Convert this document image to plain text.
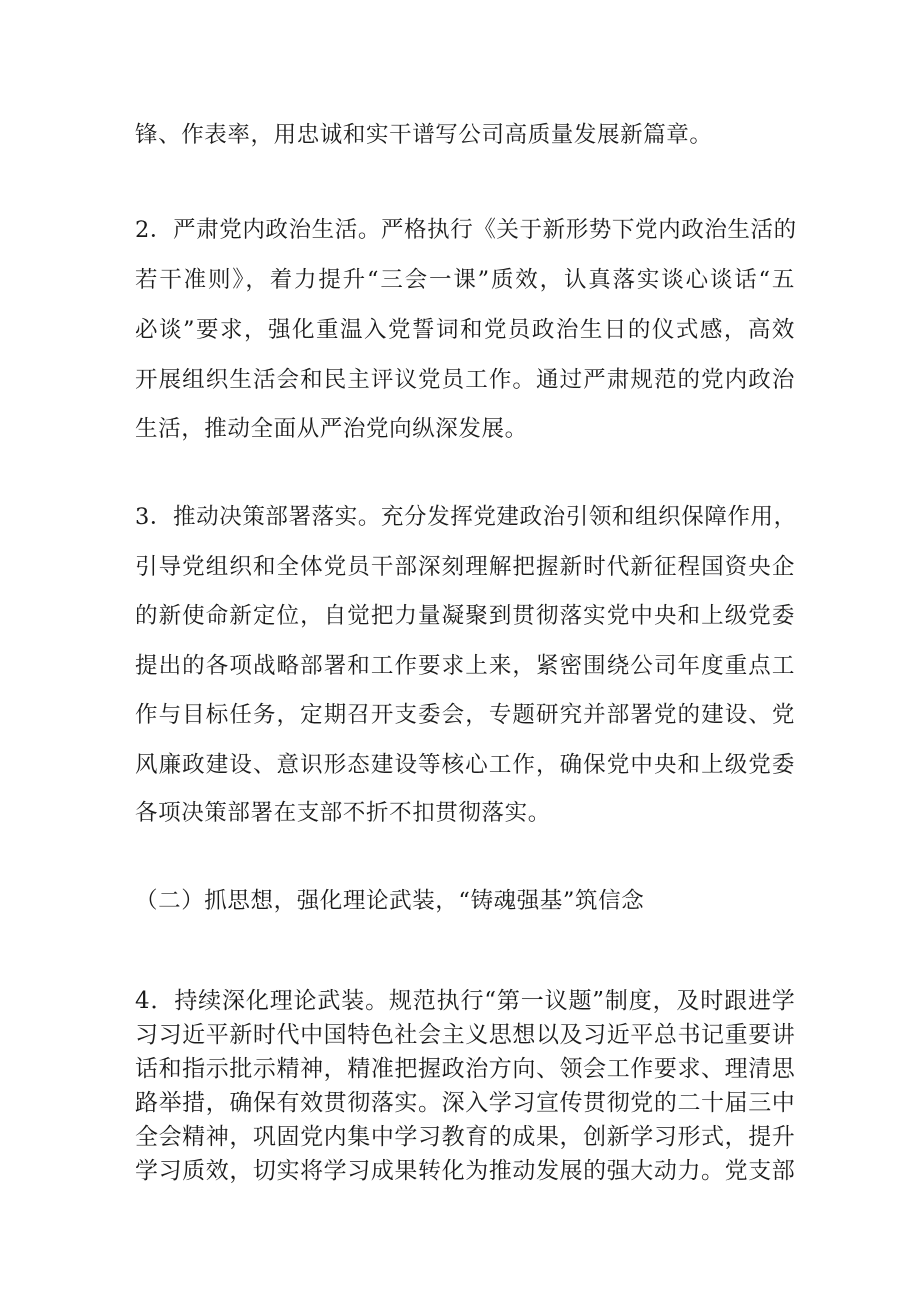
锋、作表率，用忠诚和实干谱写公司高质量发展新篇章。
2．严肃党内政治生活。严格执行《关于新形势下党内政治生活的
若干准则》，着力提升“三会一课”质效，认真落实谈心谈话“五
必谈”要求，强化重温入党誓词和党员政治生日的仪式感，高效
开展组织生活会和民主评议党员工作。通过严肃规范的党内政治
生活，推动全面从严治党向纵深发展。
3．推动决策部署落实。充分发挥党建政治引领和组织保障作用，
引导党组织和全体党员干部深刻理解把握新时代新征程国资央企
的新使命新定位，自觉把力量凝聚到贯彻落实党中央和上级党委
提出的各项战略部署和工作要求上来，紧密围绕公司年度重点工
作与目标任务，定期召开支委会，专题研究并部署党的建设、党
风廉政建设、意识形态建设等核心工作，确保党中央和上级党委
各项决策部署在支部不折不扣贯彻落实。
（二）抓思想，强化理论武装，“铸魂强基”筑信念
4．持续深化理论武装。规范执行“第一议题”制度，及时跟进学
习习近平新时代中国特色社会主义思想以及习近平总书记重要讲
话和指示批示精神，精准把握政治方向、领会工作要求、理清思
路举措，确保有效贯彻落实。深入学习宣传贯彻党的二十届三中
全会精神，巩固党内集中学习教育的成果，创新学习形式，提升
学习质效，切实将学习成果转化为推动发展的强大动力。党支部
